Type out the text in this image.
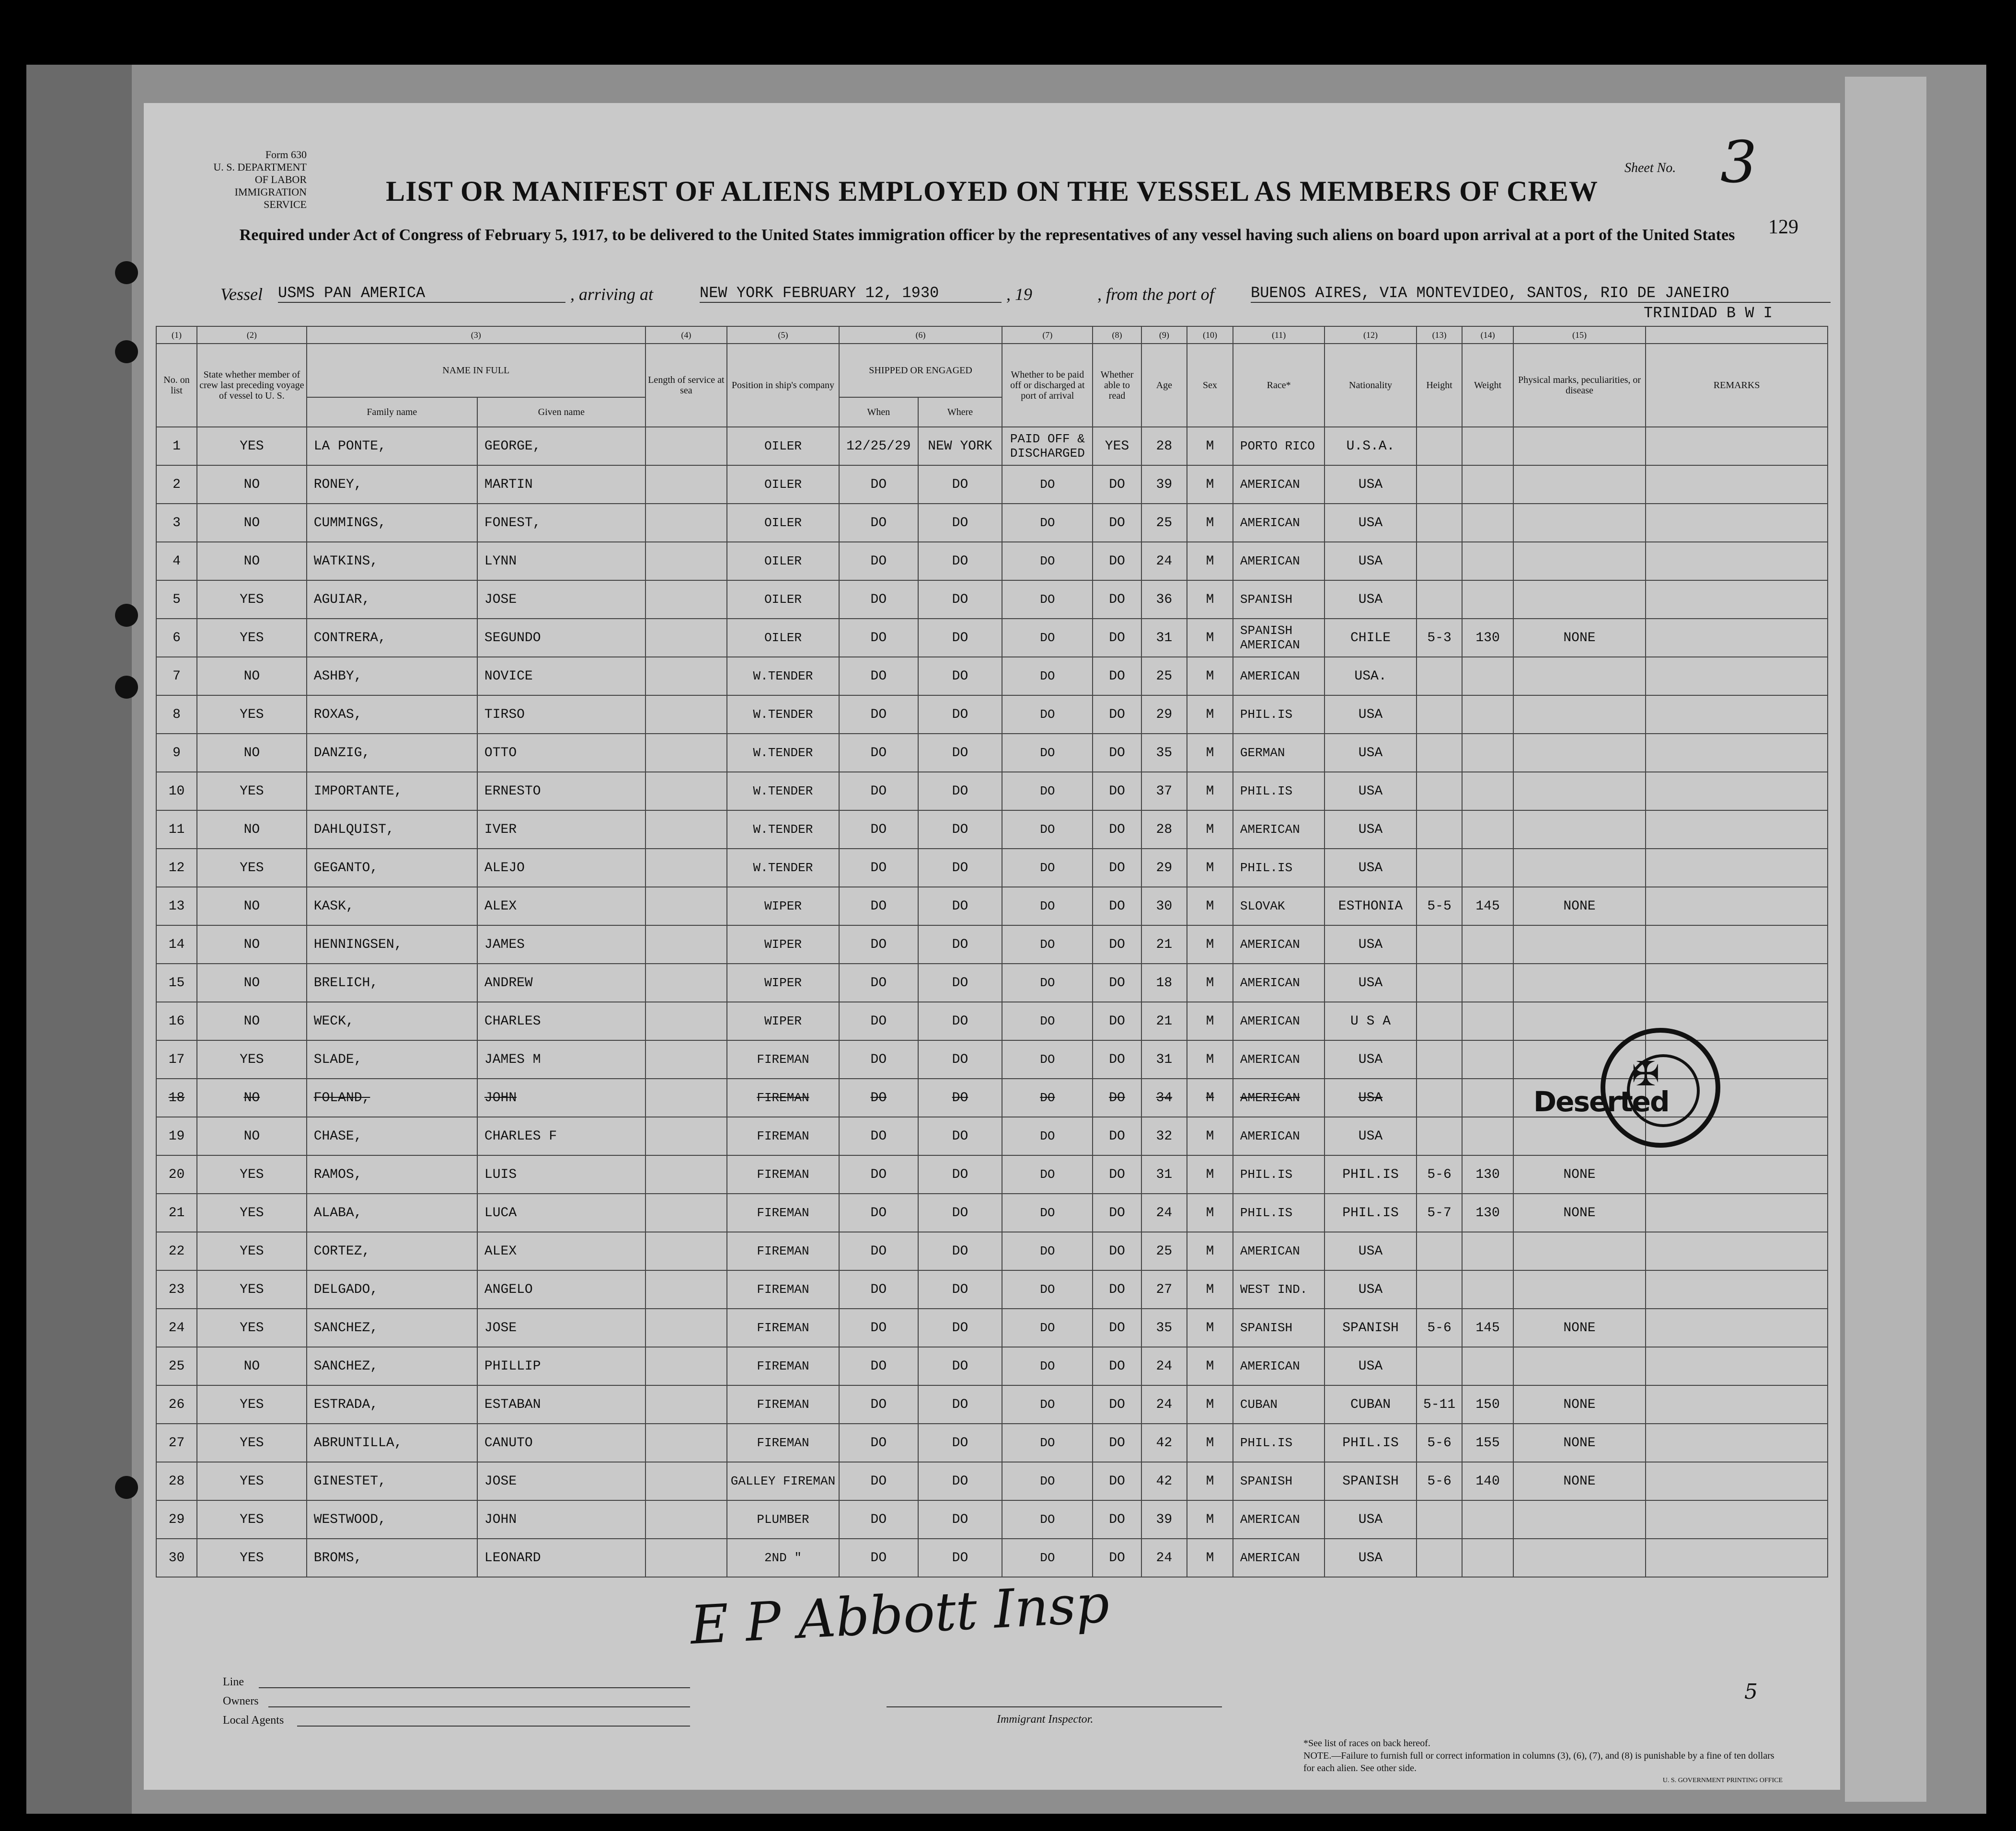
Form 630
U. S. DEPARTMENT OF LABOR
IMMIGRATION SERVICE
Sheet No. 3
129
LIST OR MANIFEST OF ALIENS EMPLOYED ON THE VESSEL AS MEMBERS OF CREW
Required under Act of Congress of February 5, 1917, to be delivered to the United States immigration officer by the representatives of any vessel having such aliens on board upon arrival at a port of the United States
Vessel USMS PAN AMERICA	, arriving at	NEW YORK FEBRUARY 12, 1930	, 19	, from the port of BUENOS AIRES, VIA MONTEVIDEO, SANTOS, RIO DE JANEIRO
TRINIDAD B W I
(1)	(2)	(3)		(4)	(5)	(6)		(7)	(8)	(9)	(10)	(11)	(12)	(13)	(14)	(15)	
No. on list	State whether member of crew last preceding voyage of vessel to U. S.	NAME IN FULL		Length of service at sea	Position in ship's company	SHIPPED OR ENGAGED		Whether to be paid off or discharged at port of arrival	Whether able to read	Age	Sex	Race*	Nationality	Height	Weight	Physical marks, peculiarities, or disease	REMARKS
		Family name	Given name			When	Where										
1	YES	LA PONTE,	GEORGE,		OILER	12/25/29	NEW YORK	PAID OFF & DISCHARGED	YES	28	M	PORTO RICO	U.S.A.				
2	NO	RONEY,	MARTIN		OILER	DO	DO	DO	DO	39	M	AMERICAN	USA				
3	NO	CUMMINGS,	FONEST,		OILER	DO	DO	DO	DO	25	M	AMERICAN	USA				
4	NO	WATKINS,	LYNN		OILER	DO	DO	DO	DO	24	M	AMERICAN	USA				
5	YES	AGUIAR,	JOSE		OILER	DO	DO	DO	DO	36	M	SPANISH	USA				
6	YES	CONTRERA,	SEGUNDO		OILER	DO	DO	DO	DO	31	M	SPANISH AMERICAN	CHILE	5-3	130	NONE	
7	NO	ASHBY,	NOVICE		W.TENDER	DO	DO	DO	DO	25	M	AMERICAN	USA.				
8	YES	ROXAS,	TIRSO		W.TENDER	DO	DO	DO	DO	29	M	PHIL.IS	USA				
9	NO	DANZIG,	OTTO		W.TENDER	DO	DO	DO	DO	35	M	GERMAN	USA				
10	YES	IMPORTANTE,	ERNESTO		W.TENDER	DO	DO	DO	DO	37	M	PHIL.IS	USA				
11	NO	DAHLQUIST,	IVER		W.TENDER	DO	DO	DO	DO	28	M	AMERICAN	USA				
12	YES	GEGANTO,	ALEJO		W.TENDER	DO	DO	DO	DO	29	M	PHIL.IS	USA				
13	NO	KASK,	ALEX		WIPER	DO	DO	DO	DO	30	M	SLOVAK	ESTHONIA	5-5	145	NONE	
14	NO	HENNINGSEN,	JAMES		WIPER	DO	DO	DO	DO	21	M	AMERICAN	USA				
15	NO	BRELICH,	ANDREW		WIPER	DO	DO	DO	DO	18	M	AMERICAN	USA				
16	NO	WECK,	CHARLES		WIPER	DO	DO	DO	DO	21	M	AMERICAN	U S A				
17	YES	SLADE,	JAMES M		FIREMAN	DO	DO	DO	DO	31	M	AMERICAN	USA				
18	NO	FOLAND,	JOHN		FIREMAN	DO	DO	DO	DO	34	M	AMERICAN	USA				
19	NO	CHASE,	CHARLES F		FIREMAN	DO	DO	DO	DO	32	M	AMERICAN	USA				
20	YES	RAMOS,	LUIS		FIREMAN	DO	DO	DO	DO	31	M	PHIL.IS	PHIL.IS	5-6	130	NONE	
21	YES	ALABA,	LUCA		FIREMAN	DO	DO	DO	DO	24	M	PHIL.IS	PHIL.IS	5-7	130	NONE	
22	YES	CORTEZ,	ALEX		FIREMAN	DO	DO	DO	DO	25	M	AMERICAN	USA				
23	YES	DELGADO,	ANGELO		FIREMAN	DO	DO	DO	DO	27	M	WEST IND.	USA				
24	YES	SANCHEZ,	JOSE		FIREMAN	DO	DO	DO	DO	35	M	SPANISH	SPANISH	5-6	145	NONE	
25	NO	SANCHEZ,	PHILLIP		FIREMAN	DO	DO	DO	DO	24	M	AMERICAN	USA				
26	YES	ESTRADA,	ESTABAN		FIREMAN	DO	DO	DO	DO	24	M	CUBAN	CUBAN	5-11	150	NONE	
27	YES	ABRUNTILLA,	CANUTO		FIREMAN	DO	DO	DO	DO	42	M	PHIL.IS	PHIL.IS	5-6	155	NONE	
28	YES	GINESTET,	JOSE		GALLEY FIREMAN	DO	DO	DO	DO	42	M	SPANISH	SPANISH	5-6	140	NONE	
29	YES	WESTWOOD,	JOHN		PLUMBER	DO	DO	DO	DO	39	M	AMERICAN	USA				
30	YES	BROMS,	LEONARD		2ND "	DO	DO	DO	DO	24	M	AMERICAN	USA				
Deserted
✠
E P Abbott Insp
Line
Owners
Local Agents	Immigrant Inspector.
5
*See list of races on back hereof.
NOTE.—Failure to furnish full or correct information in columns (3), (6), (7), and (8) is punishable by a fine of ten dollars for each alien. See other side.
U. S. GOVERNMENT PRINTING OFFICE
